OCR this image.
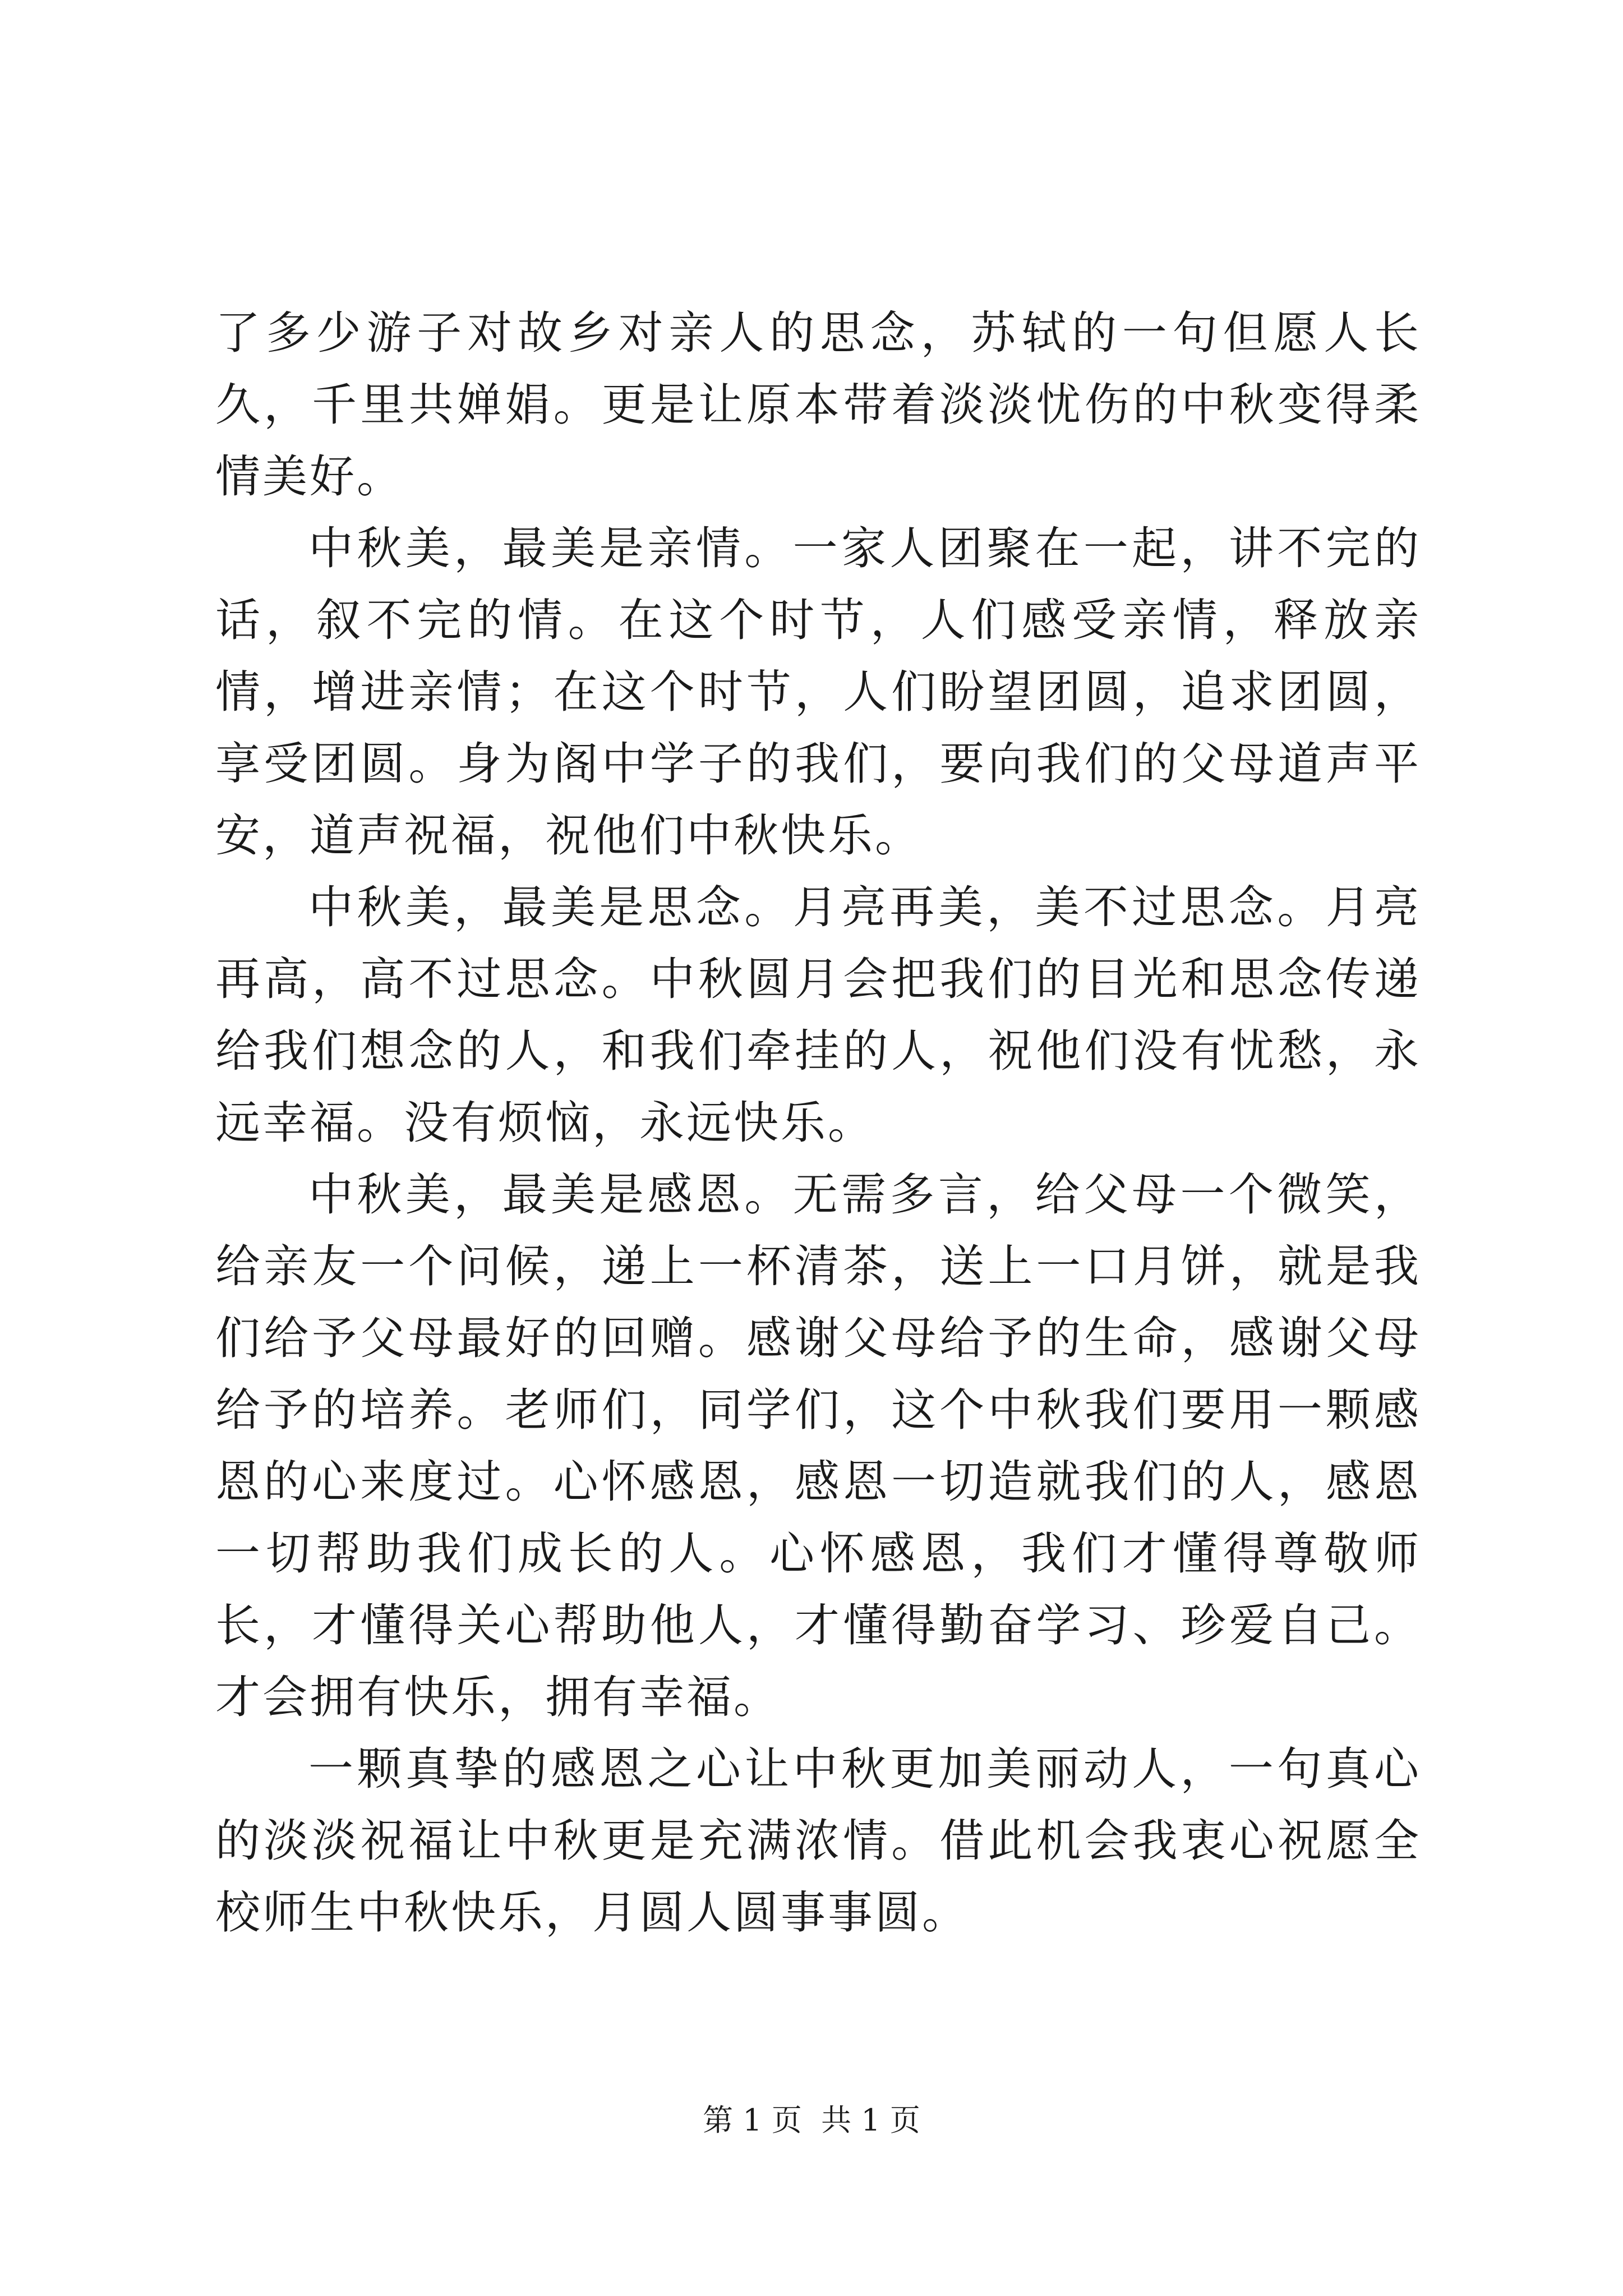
了多少游子对故乡对亲人的思念，苏轼的一句但愿人长久，千里共婵娟。更是让原本带着淡淡忧伤的中秋变得柔情美好。

中秋美，最美是亲情。一家人团聚在一起，讲不完的话，叙不完的情。在这个时节，人们感受亲情，释放亲情，增进亲情；在这个时节，人们盼望团圆，追求团圆，享受团圆。身为阁中学子的我们，要向我们的父母道声平安，道声祝福，祝他们中秋快乐。

中秋美，最美是思念。月亮再美，美不过思念。月亮再高，高不过思念。中秋圆月会把我们的目光和思念传递给我们想念的人，和我们牵挂的人，祝他们没有忧愁，永远幸福。没有烦恼，永远快乐。

中秋美，最美是感恩。无需多言，给父母一个微笑，给亲友一个问候，递上一杯清茶，送上一口月饼，就是我们给予父母最好的回赠。感谢父母给予的生命，感谢父母给予的培养。老师们，同学们，这个中秋我们要用一颗感恩的心来度过。心怀感恩，感恩一切造就我们的人，感恩一切帮助我们成长的人。心怀感恩，我们才懂得尊敬师长，才懂得关心帮助他人，才懂得勤奋学习、珍爱自己。才会拥有快乐，拥有幸福。

一颗真挚的感恩之心让中秋更加美丽动人，一句真心的淡淡祝福让中秋更是充满浓情。借此机会我衷心祝愿全校师生中秋快乐，月圆人圆事事圆。

第 1 页  共 1 页
